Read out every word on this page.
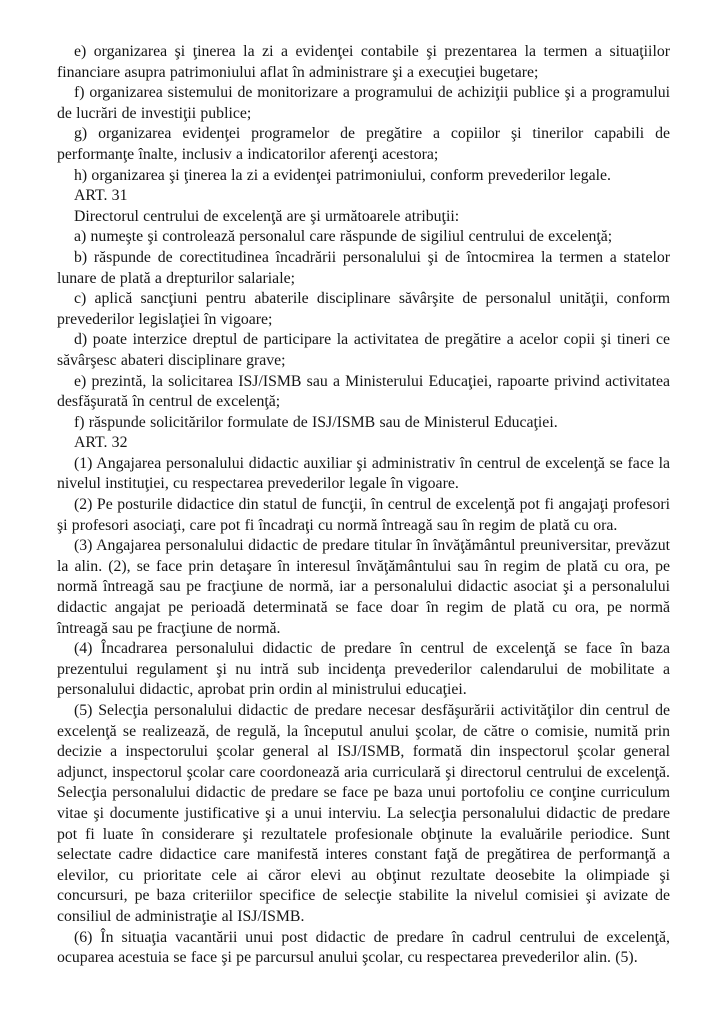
e) organizarea şi ţinerea la zi a evidenţei contabile şi prezentarea la termen a situaţiilor financiare asupra patrimoniului aflat în administrare şi a execuţiei bugetare;

f) organizarea sistemului de monitorizare a programului de achiziţii publice şi a programului de lucrări de investiţii publice;

g) organizarea evidenţei programelor de pregătire a copiilor şi tinerilor capabili de performanţe înalte, inclusiv a indicatorilor aferenţi acestora;

h) organizarea şi ţinerea la zi a evidenţei patrimoniului, conform prevederilor legale.

ART. 31

Directorul centrului de excelenţă are şi următoarele atribuţii:

a) numeşte şi controlează personalul care răspunde de sigiliul centrului de excelenţă;

b) răspunde de corectitudinea încadrării personalului şi de întocmirea la termen a statelor lunare de plată a drepturilor salariale;

c) aplică sancţiuni pentru abaterile disciplinare săvârşite de personalul unităţii, conform prevederilor legislaţiei în vigoare;

d) poate interzice dreptul de participare la activitatea de pregătire a acelor copii şi tineri ce săvârşesc abateri disciplinare grave;

e) prezintă, la solicitarea ISJ/ISMB sau a Ministerului Educaţiei, rapoarte privind activitatea desfăşurată în centrul de excelenţă;

f) răspunde solicitărilor formulate de ISJ/ISMB sau de Ministerul Educaţiei.

ART. 32

(1) Angajarea personalului didactic auxiliar şi administrativ în centrul de excelenţă se face la nivelul instituţiei, cu respectarea prevederilor legale în vigoare.

(2) Pe posturile didactice din statul de funcţii, în centrul de excelenţă pot fi angajaţi profesori şi profesori asociaţi, care pot fi încadraţi cu normă întreagă sau în regim de plată cu ora.

(3) Angajarea personalului didactic de predare titular în învăţământul preuniversitar, prevăzut la alin. (2), se face prin detaşare în interesul învăţământului sau în regim de plată cu ora, pe normă întreagă sau pe fracţiune de normă, iar a personalului didactic asociat şi a personalului didactic angajat pe perioadă determinată se face doar în regim de plată cu ora, pe normă întreagă sau pe fracţiune de normă.

(4) Încadrarea personalului didactic de predare în centrul de excelenţă se face în baza prezentului regulament şi nu intră sub incidenţa prevederilor calendarului de mobilitate a personalului didactic, aprobat prin ordin al ministrului educaţiei.

(5) Selecţia personalului didactic de predare necesar desfăşurării activităţilor din centrul de excelenţă se realizează, de regulă, la începutul anului şcolar, de către o comisie, numită prin decizie a inspectorului şcolar general al ISJ/ISMB, formată din inspectorul şcolar general adjunct, inspectorul şcolar care coordonează aria curriculară şi directorul centrului de excelenţă. Selecţia personalului didactic de predare se face pe baza unui portofoliu ce conţine curriculum vitae şi documente justificative şi a unui interviu. La selecţia personalului didactic de predare pot fi luate în considerare şi rezultatele profesionale obţinute la evaluările periodice. Sunt selectate cadre didactice care manifestă interes constant faţă de pregătirea de performanţă a elevilor, cu prioritate cele ai căror elevi au obţinut rezultate deosebite la olimpiade şi concursuri, pe baza criteriilor specifice de selecţie stabilite la nivelul comisiei şi avizate de consiliul de administraţie al ISJ/ISMB.

(6) În situaţia vacantării unui post didactic de predare în cadrul centrului de excelenţă, ocuparea acestuia se face şi pe parcursul anului şcolar, cu respectarea prevederilor alin. (5).
